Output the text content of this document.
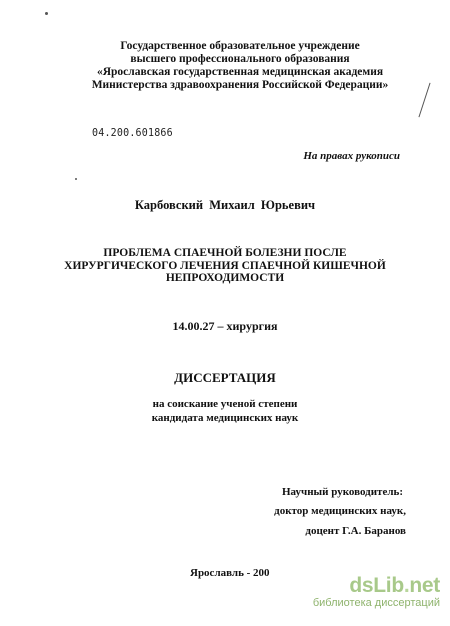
Государственное образовательное учреждение
высшего профессионального образования
«Ярославская государственная медицинская академия
Министерства здравоохранения Российской Федерации»
04.200.601866
На правах рукописи
Карбовский Михаил Юрьевич
ПРОБЛЕМА СПАЕЧНОЙ БОЛЕЗНИ ПОСЛЕ
ХИРУРГИЧЕСКОГО ЛЕЧЕНИЯ СПАЕЧНОЙ КИШЕЧНОЙ
НЕПРОХОДИМОСТИ
14.00.27 – хирургия
ДИССЕРТАЦИЯ
на соискание ученой степени
кандидата медицинских наук
Научный руководитель:
доктор медицинских наук,
доцент Г.А. Баранов
Ярославль - 200
dsLib.net
библиотека диссертаций
